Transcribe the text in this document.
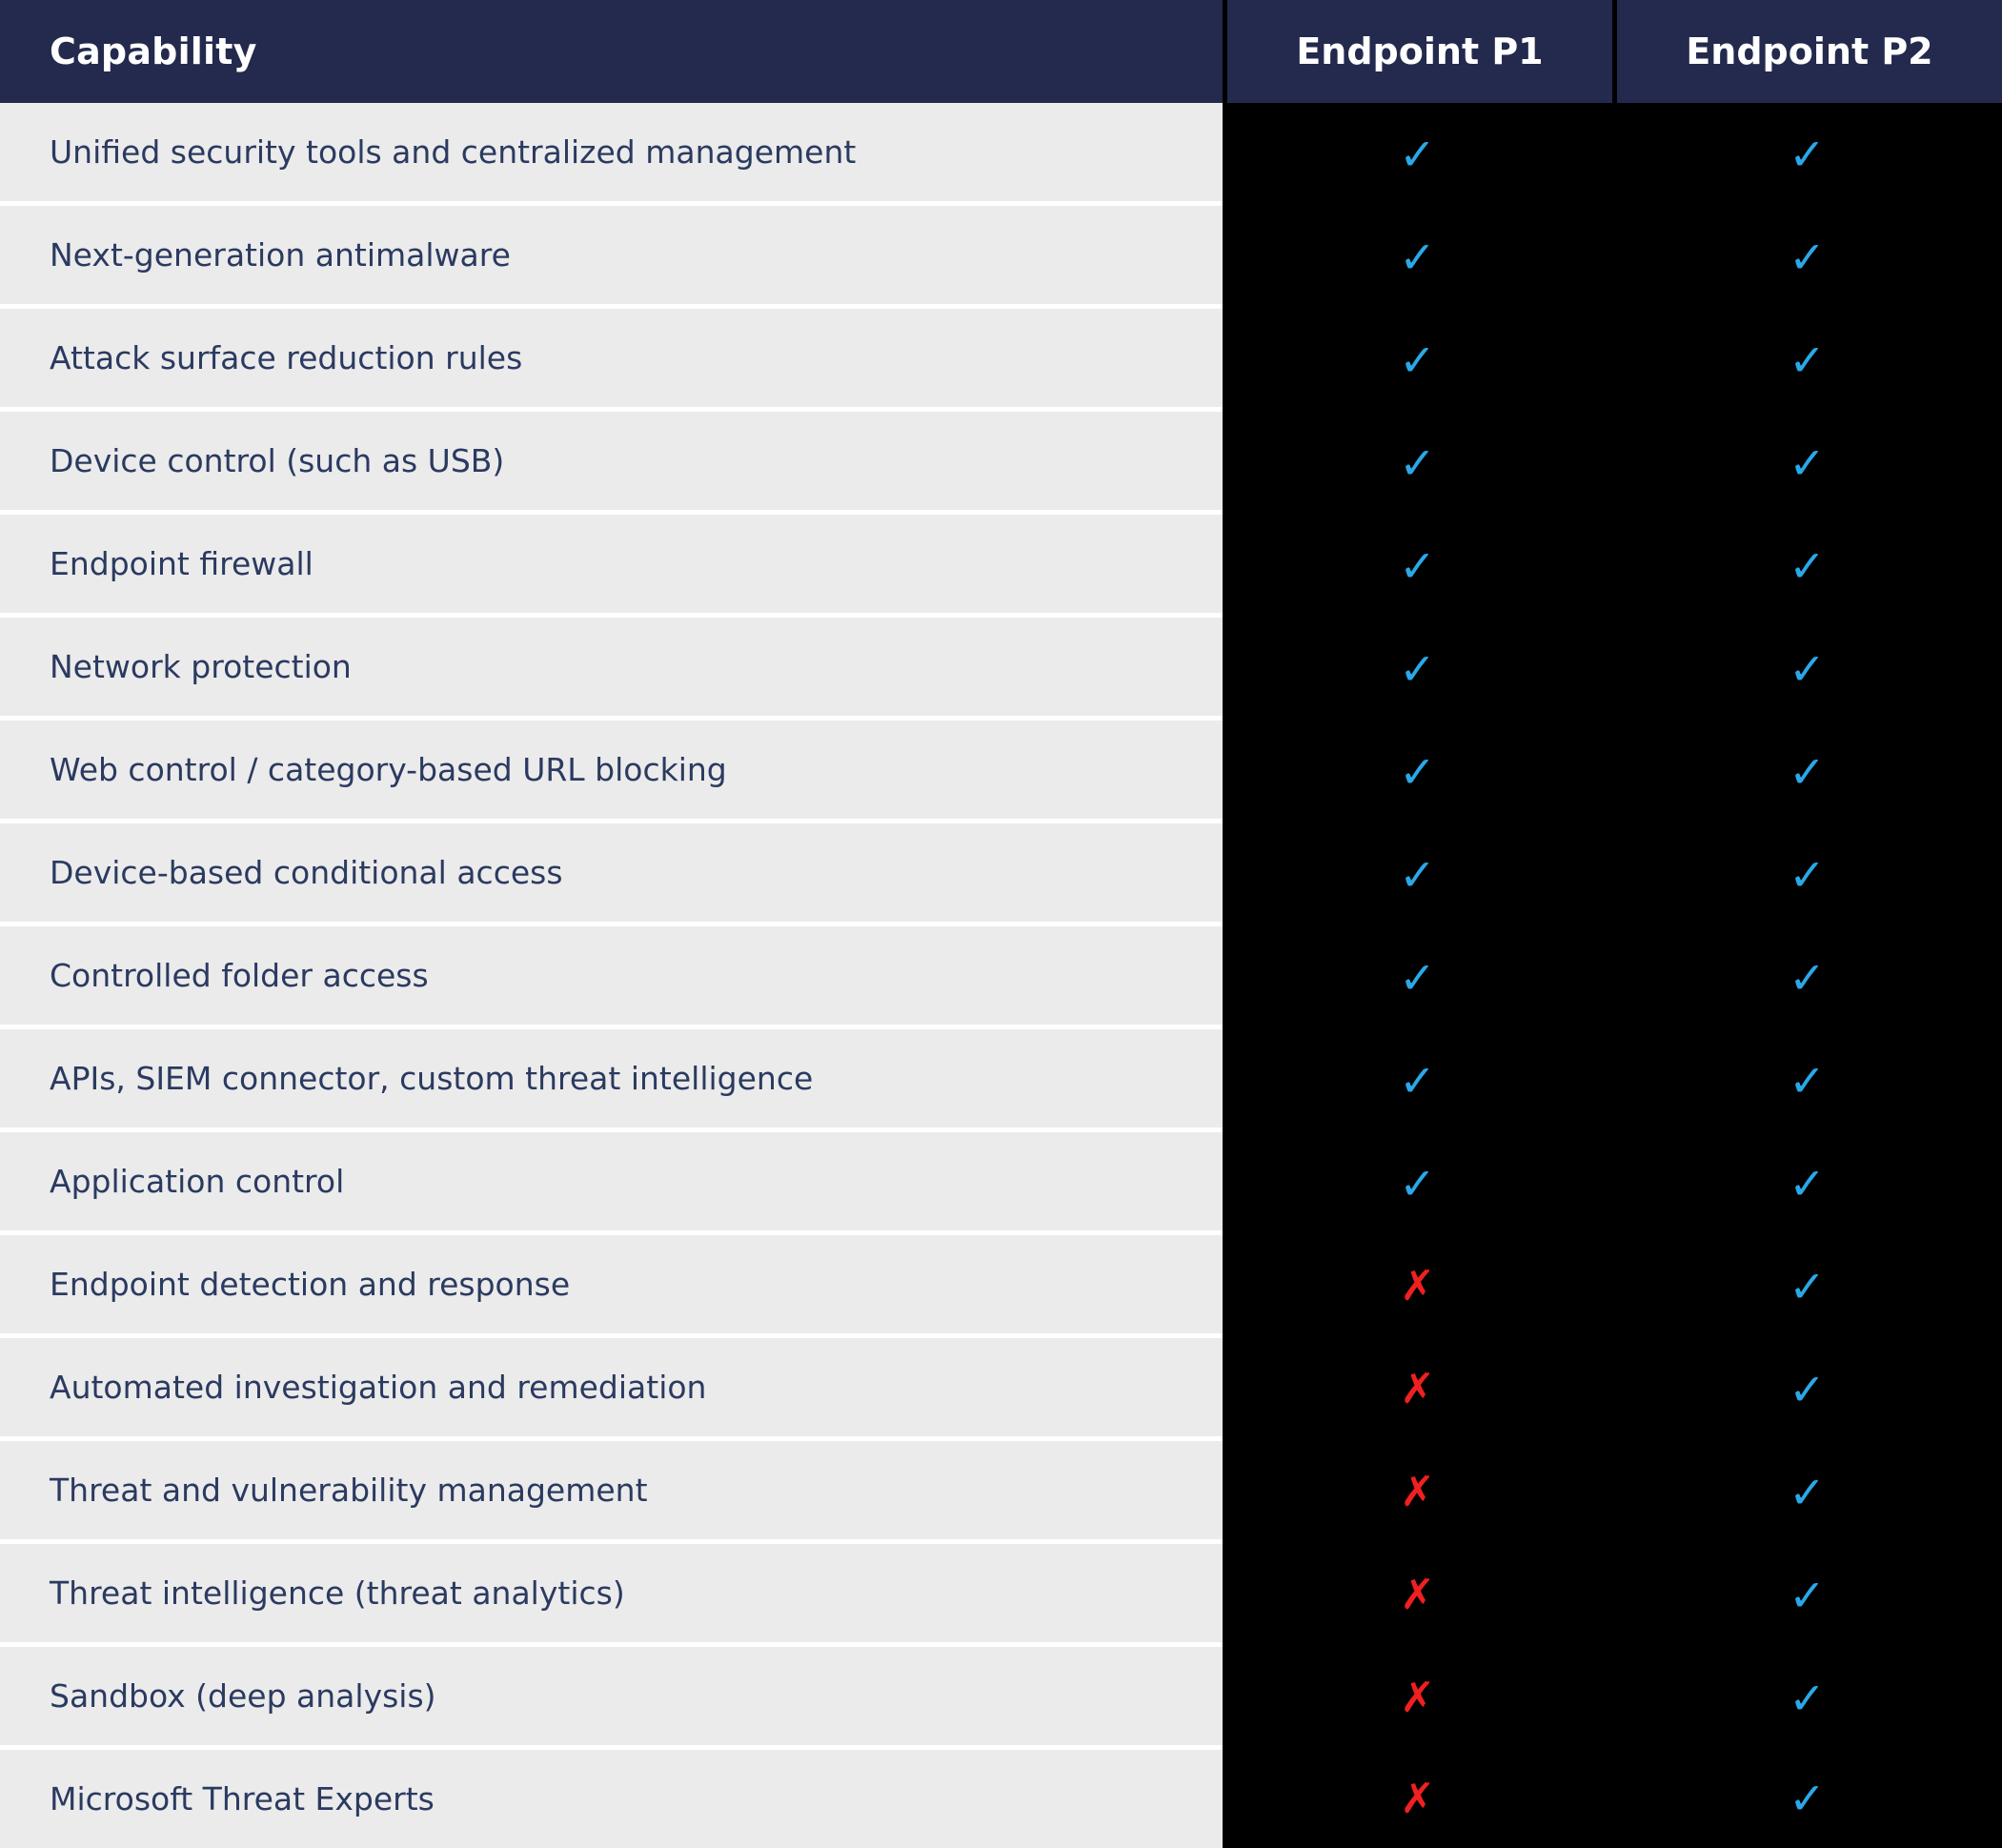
Capability	Endpoint P1	Endpoint P2
Unified security tools and centralized management	✓	✓
Next-generation antimalware	✓	✓
Attack surface reduction rules	✓	✓
Device control (such as USB)	✓	✓
Endpoint firewall	✓	✓
Network protection	✓	✓
Web control / category-based URL blocking	✓	✓
Device-based conditional access	✓	✓
Controlled folder access	✓	✓
APIs, SIEM connector, custom threat intelligence	✓	✓
Application control	✓	✓
Endpoint detection and response	✗	✓
Automated investigation and remediation	✗	✓
Threat and vulnerability management	✗	✓
Threat intelligence (threat analytics)	✗	✓
Sandbox (deep analysis)	✗	✓
Microsoft Threat Experts	✗	✓
